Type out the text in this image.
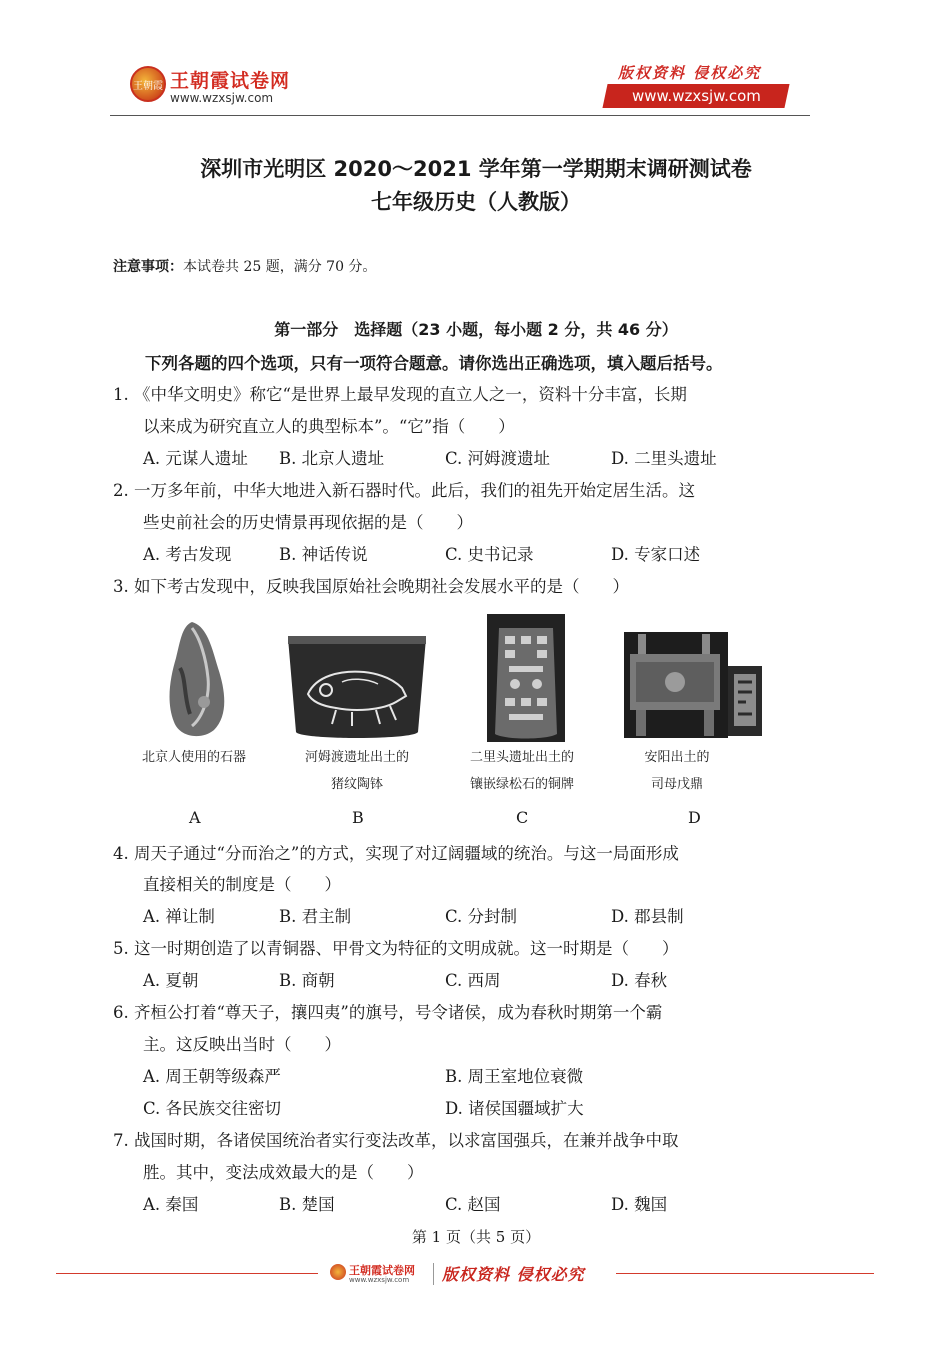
王朝霞 王朝霞试卷网
www.wzxsjw.com
版权资料 侵权必究
www.wzxsjw.com
深圳市光明区 2020～2021 学年第一学期期末调研测试卷
七年级历史（人教版）
注意事项：本试卷共 25 题，满分 70 分。
第一部分　选择题（23 小题，每小题 2 分，共 46 分）
下列各题的四个选项，只有一项符合题意。请你选出正确选项，填入题后括号。
1. 《中华文明史》称它“是世界上最早发现的直立人之一，资料十分丰富，长期
以来成为研究直立人的典型标本”。“它”指（　　）
A. 元谋人遗址 B. 北京人遗址	C. 河姆渡遗址	D. 二里头遗址
2. 一万多年前，中华大地进入新石器时代。此后，我们的祖先开始定居生活。这
些史前社会的历史情景再现依据的是（　　）
A. 考古发现	B. 神话传说	C. 史书记录	D. 专家口述
3. 如下考古发现中，反映我国原始社会晚期社会发展水平的是（　　）
北京人使用的石器	河姆渡遗址出土的
猪纹陶钵
二里头遗址出土的
镶嵌绿松石的铜牌
安阳出土的
司母戊鼎
A	B	C	D
4. 周天子通过“分而治之”的方式，实现了对辽阔疆域的统治。与这一局面形成
直接相关的制度是（　　）
A. 禅让制	B. 君主制	C. 分封制	D. 郡县制
5. 这一时期创造了以青铜器、甲骨文为特征的文明成就。这一时期是（　　）
A. 夏朝	B. 商朝	C. 西周	D. 春秋
6. 齐桓公打着“尊天子，攘四夷”的旗号，号令诸侯，成为春秋时期第一个霸
主。这反映出当时（　　）
A. 周王朝等级森严	B. 周王室地位衰微
C. 各民族交往密切	D. 诸侯国疆域扩大
7. 战国时期，各诸侯国统治者实行变法改革，以求富国强兵，在兼并战争中取
胜。其中，变法成效最大的是（　　）
A. 秦国	B. 楚国	C. 赵国	D. 魏国
第 1 页（共 5 页）
王朝霞试卷网
www.wzxsjw.com 版权资料 侵权必究
